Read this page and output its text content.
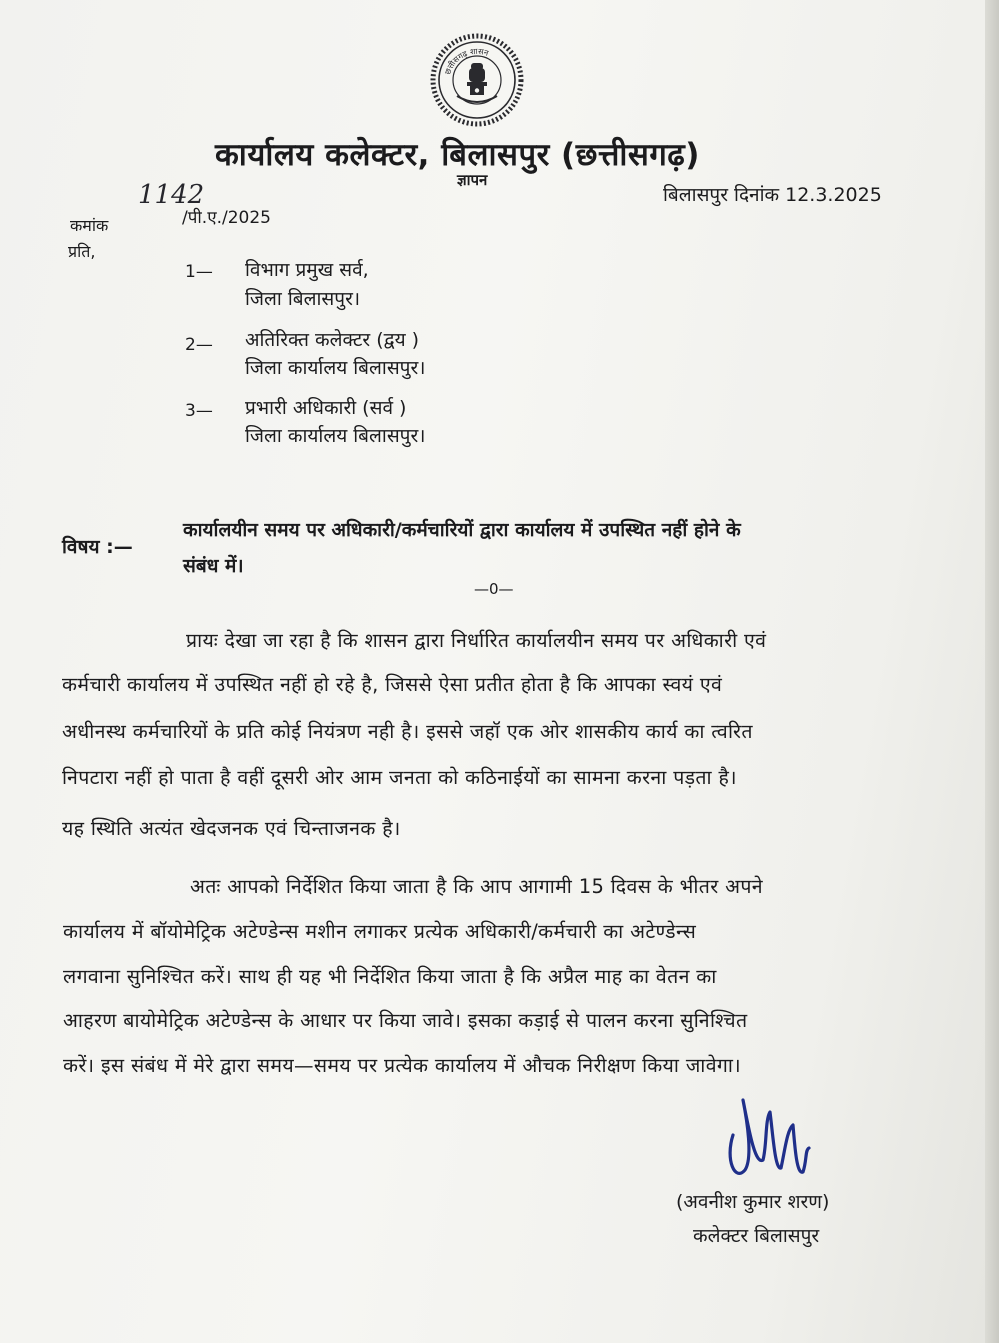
छत्तीसगढ़ शासन
कार्यालय कलेक्टर, बिलासपुर (छत्तीसगढ़)
ज्ञापन
बिलासपुर दिनांक 12.3.2025
कमांक
1142
/पी.ए./2025
प्रति,
1— विभाग प्रमुख सर्व,
जिला बिलासपुर।
2— अतिरिक्त कलेक्टर (द्वय )
जिला कार्यालय बिलासपुर।
3— प्रभारी अधिकारी (सर्व )
जिला कार्यालय बिलासपुर।
विषय :—
कार्यालयीन समय पर अधिकारी/कर्मचारियों द्वारा कार्यालय में उपस्थित नहीं होने के
संबंध में।
—0—
प्रायः देखा जा रहा है कि शासन द्वारा निर्धारित कार्यालयीन समय पर अधिकारी एवं
कर्मचारी कार्यालय में उपस्थित नहीं हो रहे है, जिससे ऐसा प्रतीत होता है कि आपका स्वयं एवं
अधीनस्थ कर्मचारियों के प्रति कोई नियंत्रण नही है। इससे जहॉ एक ओर शासकीय कार्य का त्वरित
निपटारा नहीं हो पाता है वहीं दूसरी ओर आम जनता को कठिनाईयों का सामना करना पड़ता है।
यह स्थिति अत्यंत खेदजनक एवं चिन्ताजनक है।
अतः आपको निर्देशित किया जाता है कि आप आगामी 15 दिवस के भीतर अपने
कार्यालय में बॉयोमेट्रिक अटेण्डेन्स मशीन लगाकर प्रत्येक अधिकारी/कर्मचारी का अटेण्डेन्स
लगवाना सुनिश्चित करें। साथ ही यह भी निर्देशित किया जाता है कि अप्रैल माह का वेतन का
आहरण बायोमेट्रिक अटेण्डेन्स के आधार पर किया जावे। इसका कड़ाई से पालन करना सुनिश्चित
करें। इस संबंध में मेरे द्वारा समय—समय पर प्रत्येक कार्यालय में औचक निरीक्षण किया जावेगा।
(अवनीश कुमार शरण)
कलेक्टर बिलासपुर
